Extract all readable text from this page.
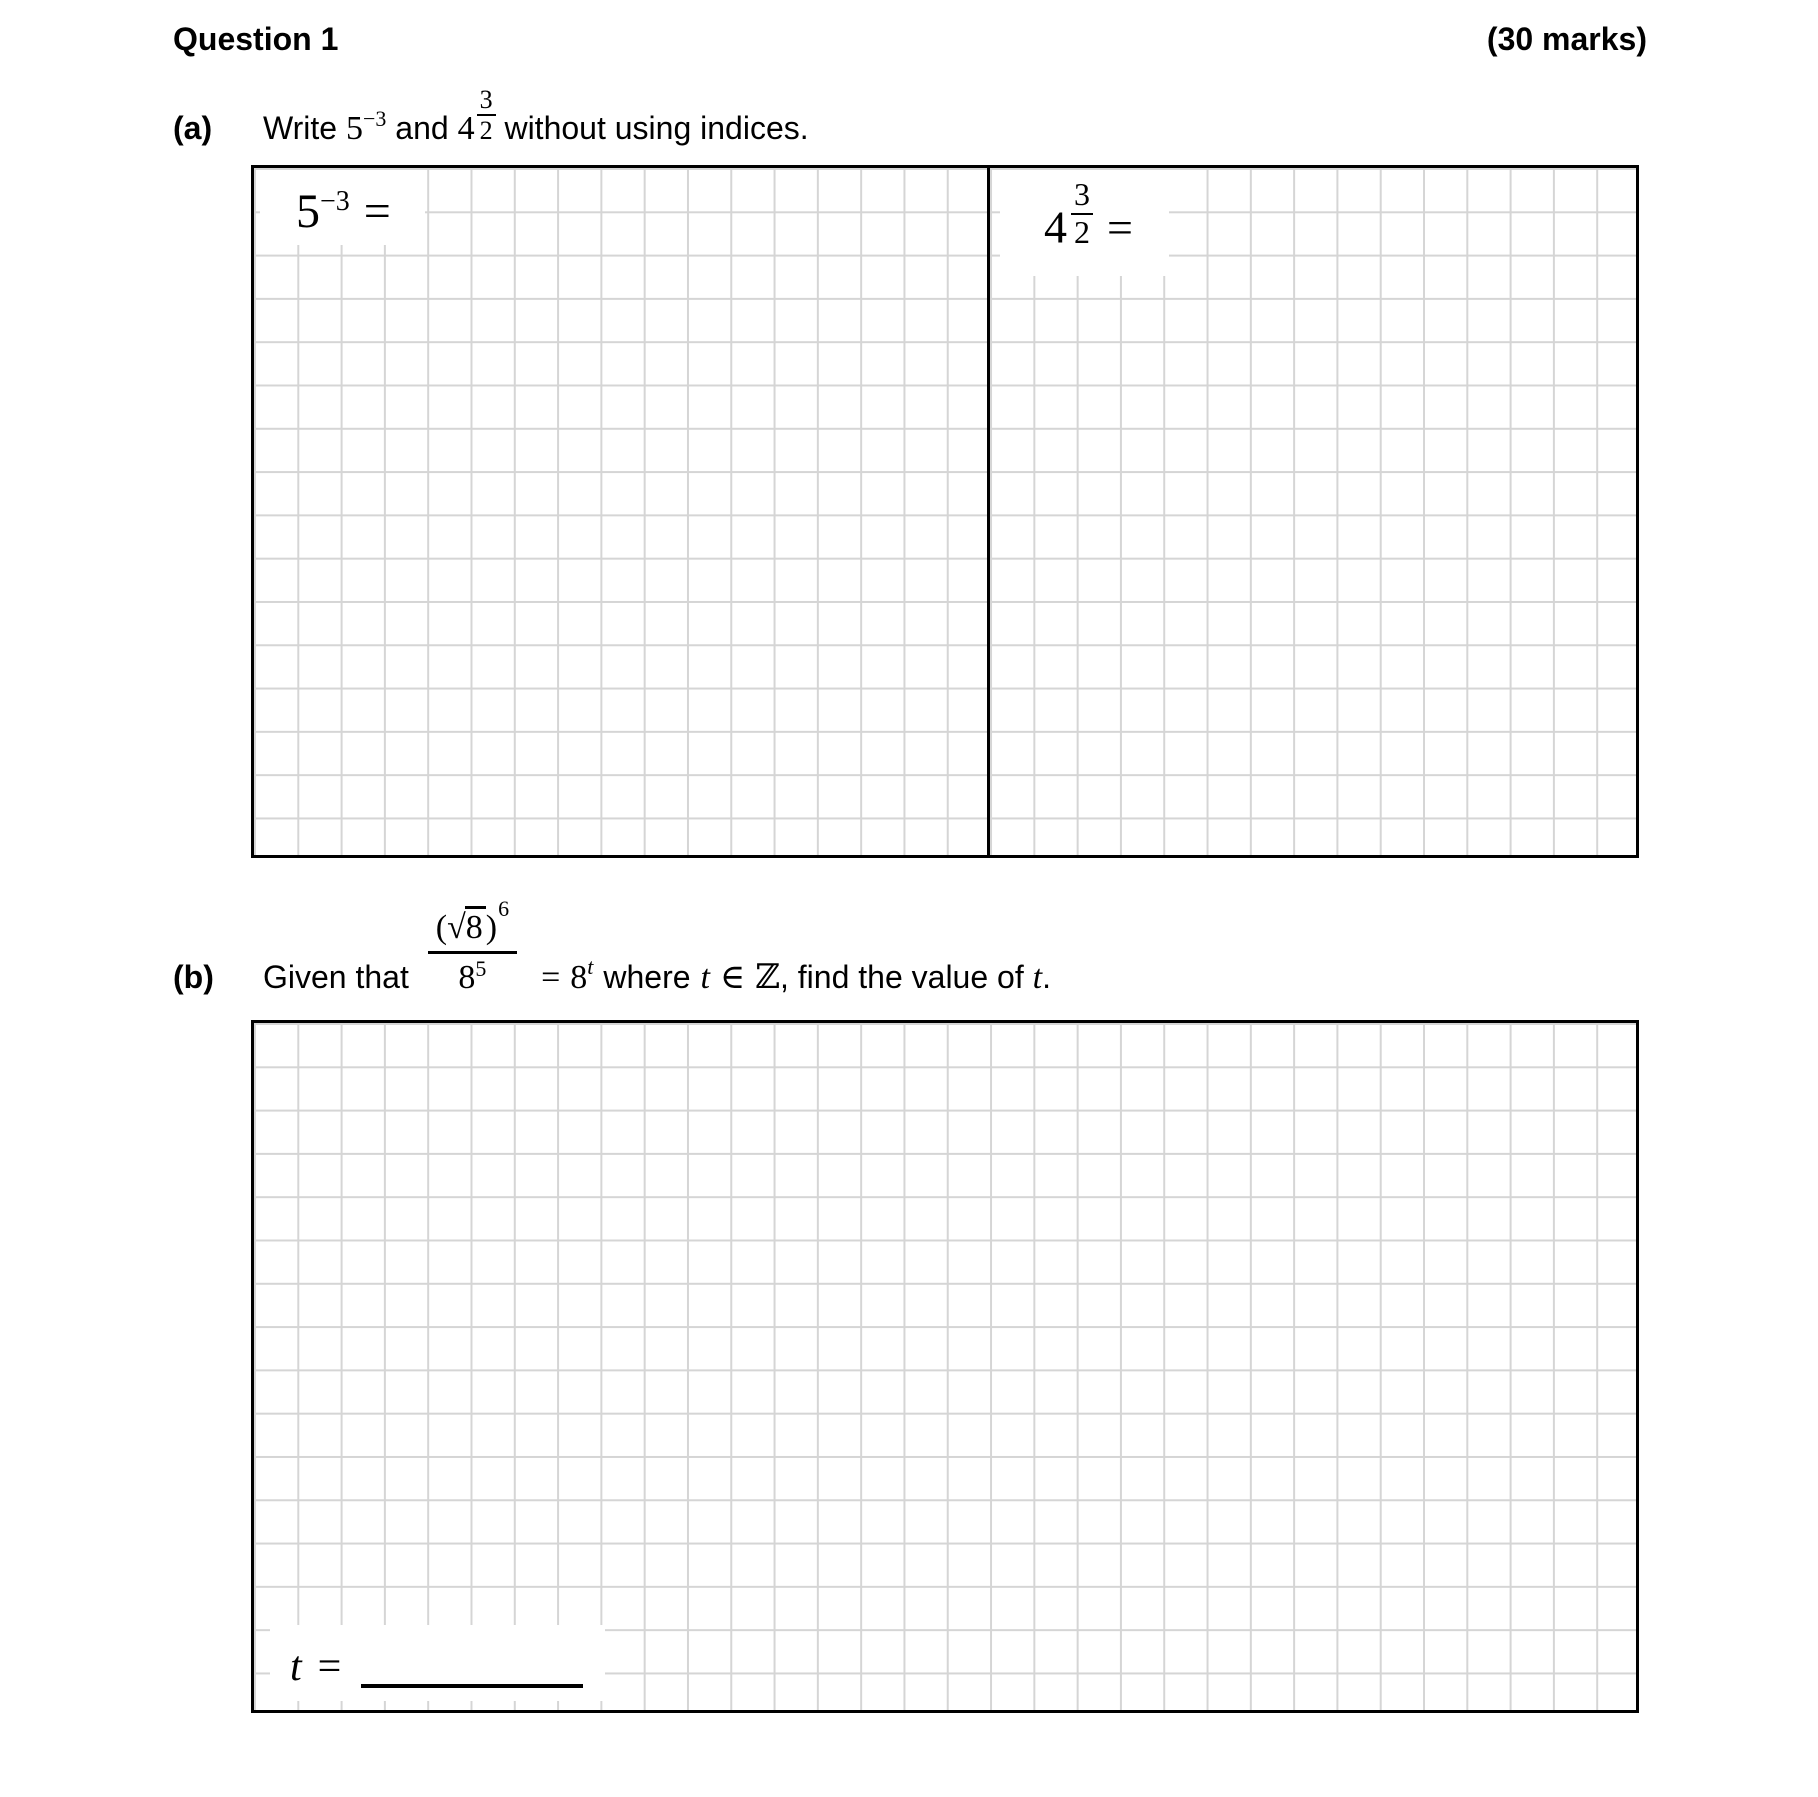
Question 1	(30 marks)
(a) Write $5^{-3}$ and $4 \frac{3}{2}$ without using indices.
$5^{-3}$ =	$4 \frac{3}{2}$ =
(b) Given that $\frac{(√8)^6}{8^5} = 8^t$ where t ∈ ℤ, find the value of t.
t =
